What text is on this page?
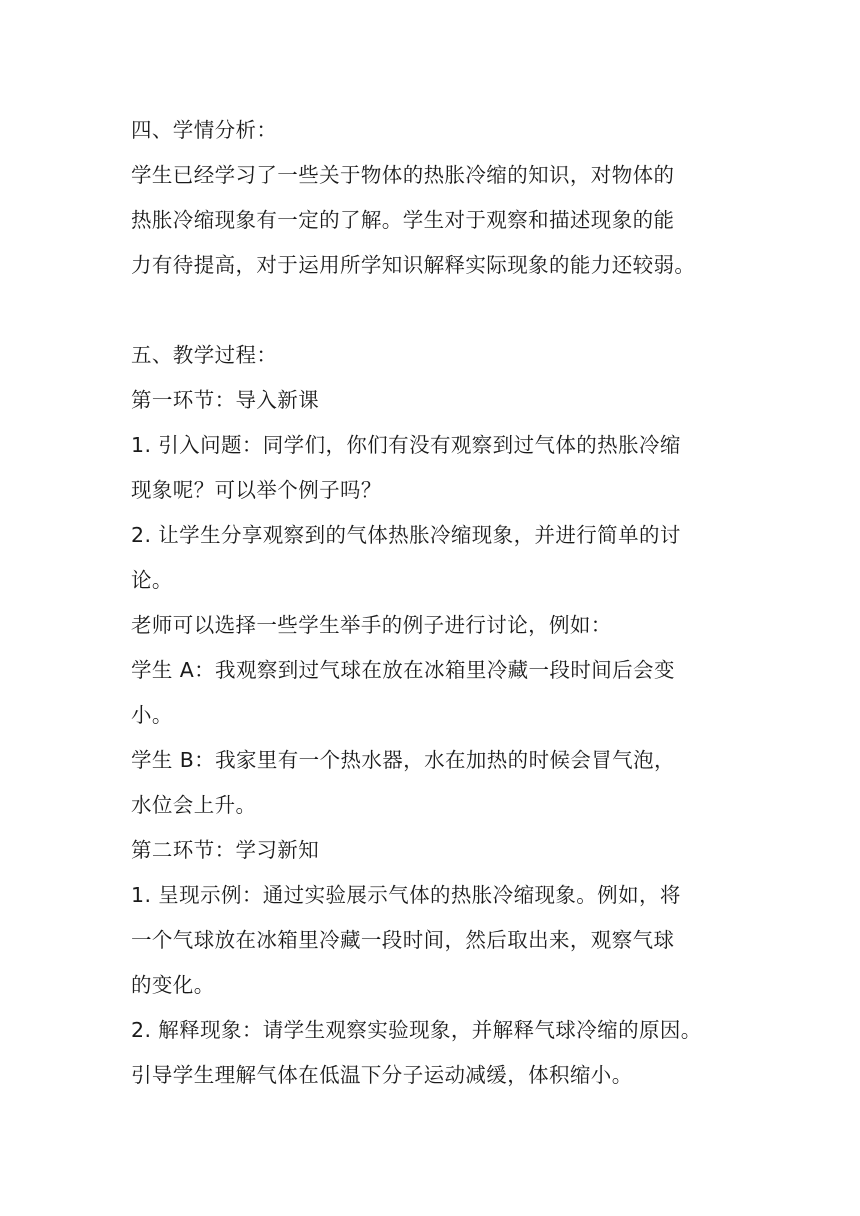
四、学情分析：
学生已经学习了一些关于物体的热胀冷缩的知识，对物体的
热胀冷缩现象有一定的了解。学生对于观察和描述现象的能
力有待提高，对于运用所学知识解释实际现象的能力还较弱。
五、教学过程：
第一环节：导入新课
1. 引入问题：同学们，你们有没有观察到过气体的热胀冷缩
现象呢？可以举个例子吗？
2. 让学生分享观察到的气体热胀冷缩现象，并进行简单的讨
论。
老师可以选择一些学生举手的例子进行讨论，例如：
学生 A：我观察到过气球在放在冰箱里冷藏一段时间后会变
小。
学生 B：我家里有一个热水器，水在加热的时候会冒气泡，
水位会上升。
第二环节：学习新知
1. 呈现示例：通过实验展示气体的热胀冷缩现象。例如，将
一个气球放在冰箱里冷藏一段时间，然后取出来，观察气球
的变化。
2. 解释现象：请学生观察实验现象，并解释气球冷缩的原因。
引导学生理解气体在低温下分子运动减缓，体积缩小。
